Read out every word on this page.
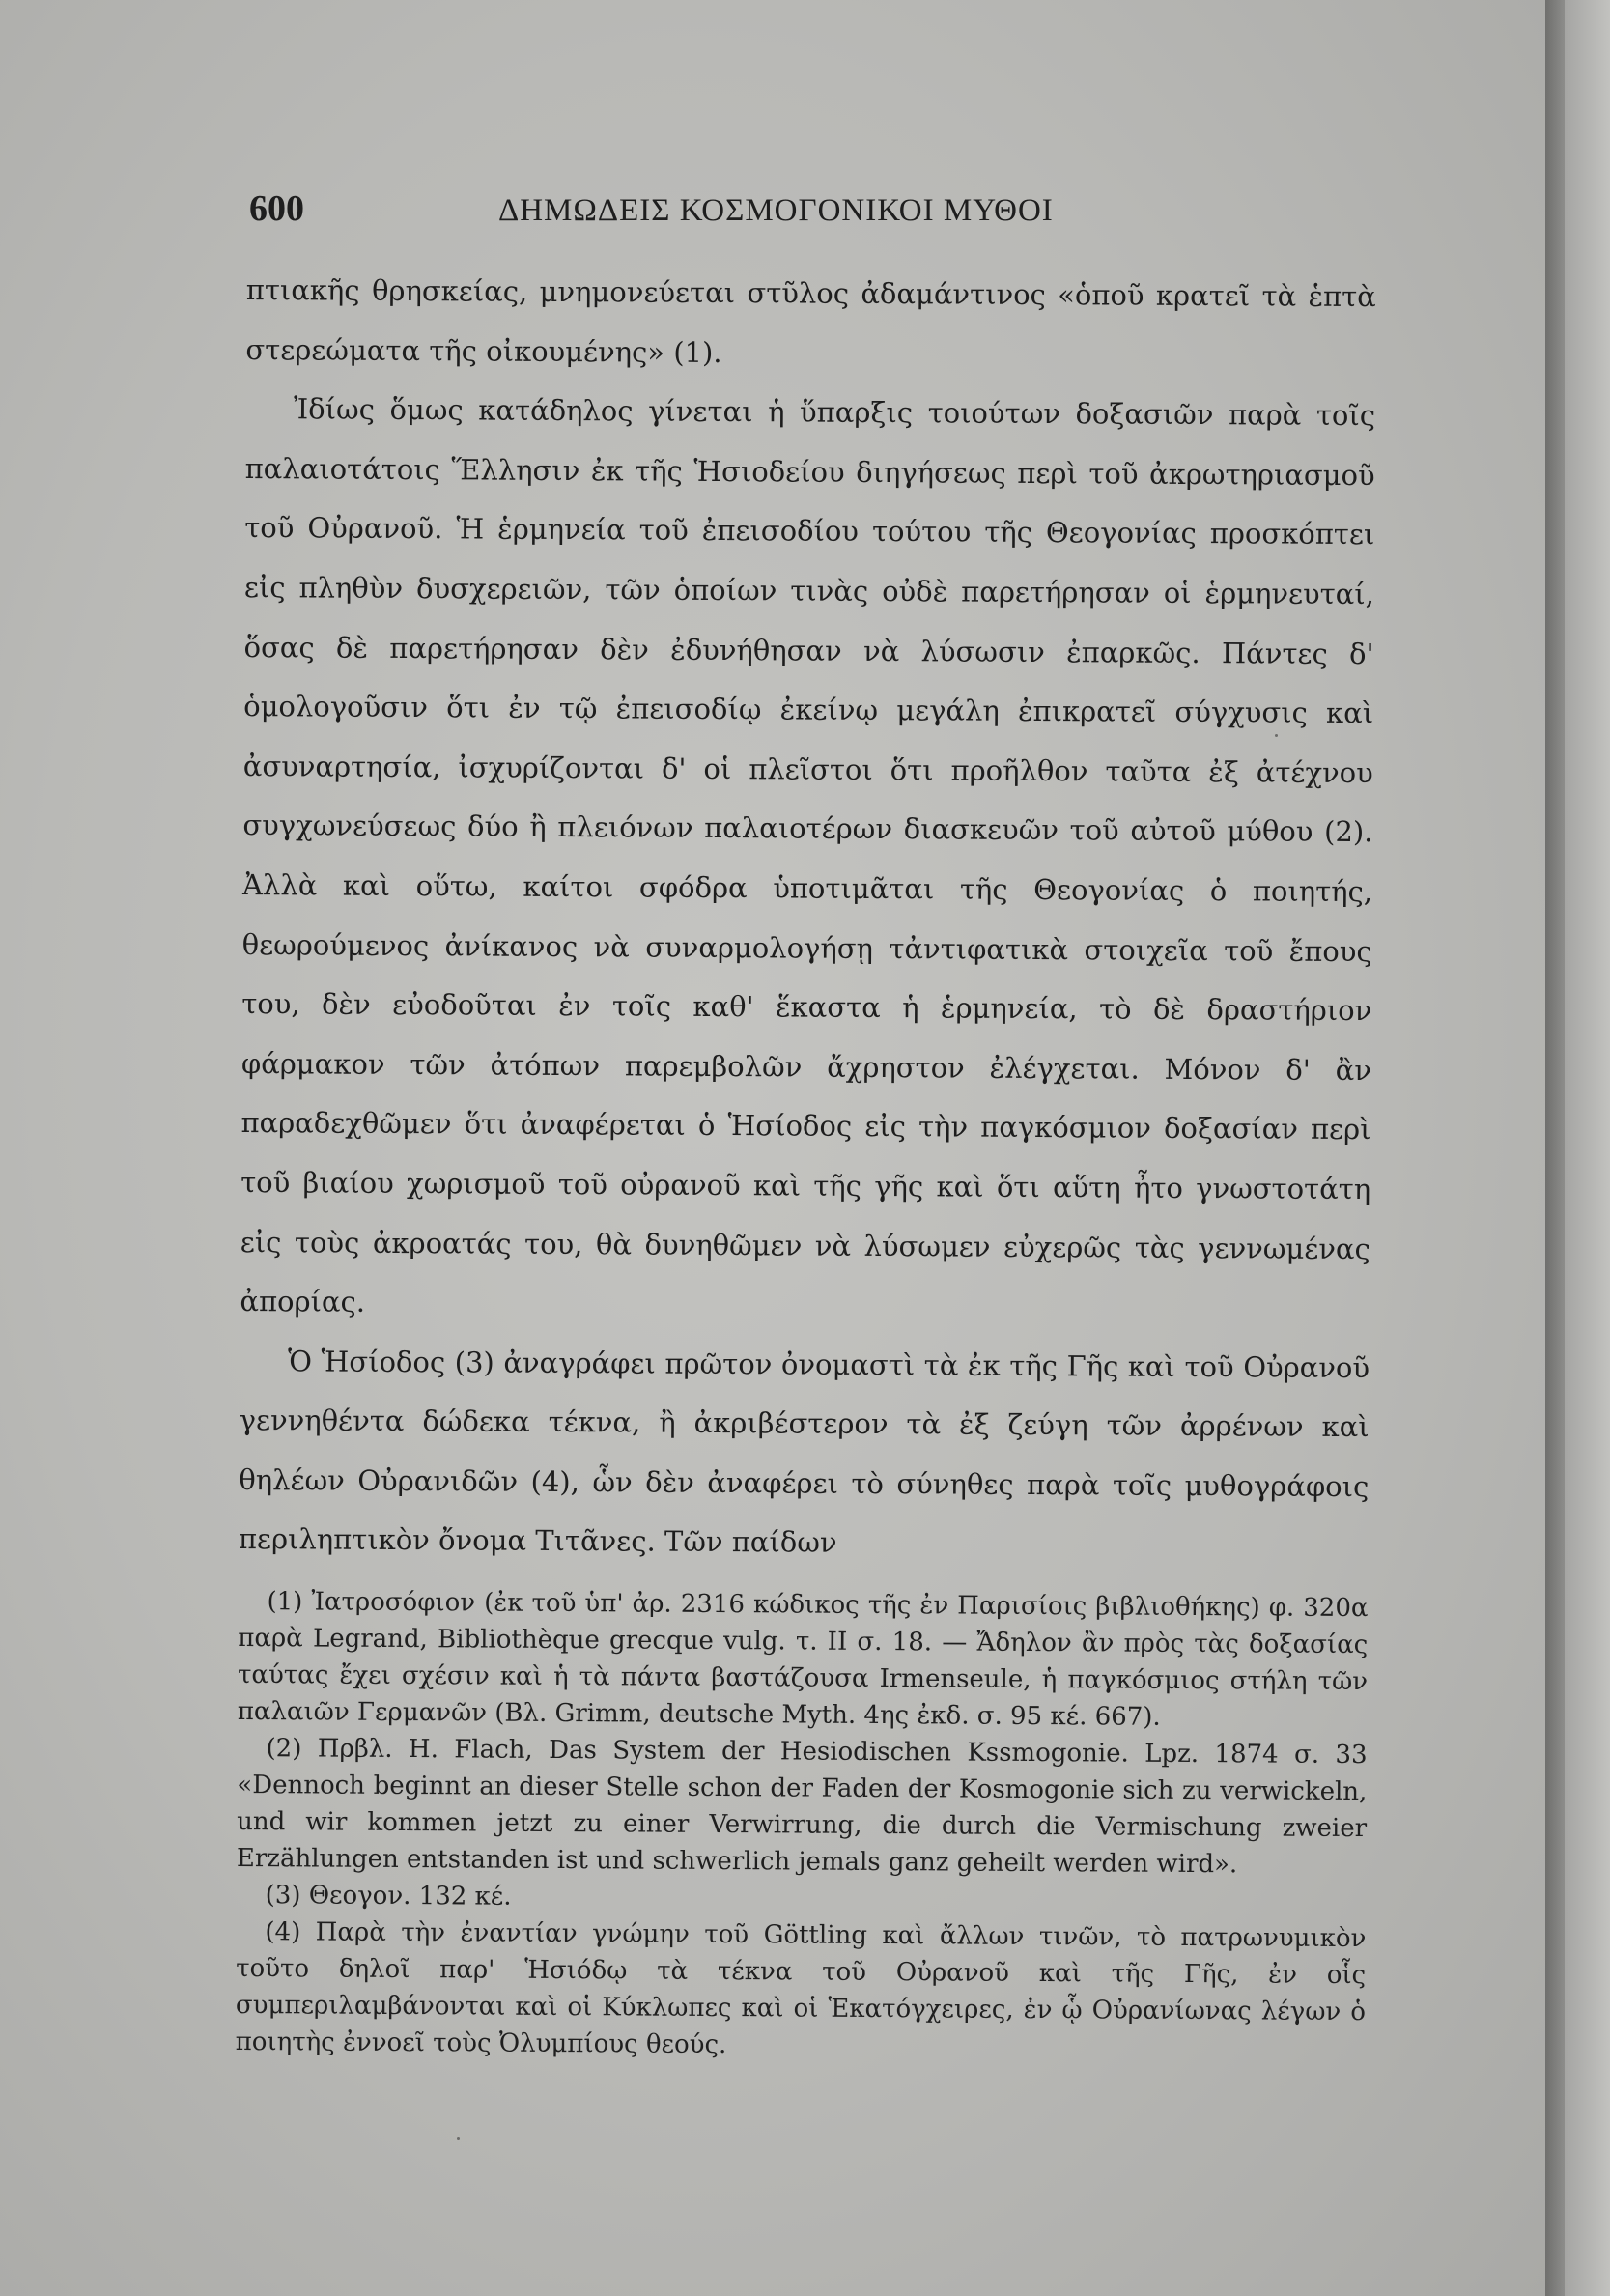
600	ΔΗΜΩΔΕΙΣ ΚΟΣΜΟΓΟΝΙΚΟΙ ΜΥΘΟΙ

πτιακῆς θρησκείας, μνημονεύεται στῦλος ἀδαμάντινος «ὁποῦ κρατεῖ τὰ ἑπτὰ στερεώματα τῆς οἰκουμένης» (1).

Ἰδίως ὅμως κατάδηλος γίνεται ἡ ὕπαρξις τοιούτων δοξασιῶν παρὰ τοῖς παλαιοτάτοις Ἕλλησιν ἐκ τῆς Ἡσιοδείου διηγήσεως περὶ τοῦ ἀκρωτηριασμοῦ τοῦ Οὐρανοῦ. Ἡ ἑρμηνεία τοῦ ἐπεισοδίου τούτου τῆς Θεογονίας προσκόπτει εἰς πληθὺν δυσχερειῶν, τῶν ὁποίων τινὰς οὐδὲ παρετήρησαν οἱ ἑρμηνευταί, ὅσας δὲ παρετήρησαν δὲν ἐδυνήθησαν νὰ λύσωσιν ἐπαρκῶς. Πάντες δ' ὁμολογοῦσιν ὅτι ἐν τῷ ἐπεισοδίῳ ἐκείνῳ μεγάλη ἐπικρατεῖ σύγχυσις καὶ ἀσυναρτησία, ἰσχυρίζονται δ' οἱ πλεῖστοι ὅτι προῆλθον ταῦτα ἐξ ἀτέχνου συγχωνεύσεως δύο ἢ πλειόνων παλαιοτέρων διασκευῶν τοῦ αὐτοῦ μύθου (2). Ἀλλὰ καὶ οὕτω, καίτοι σφόδρα ὑποτιμᾶται τῆς Θεογονίας ὁ ποιητής, θεωρούμενος ἀνίκανος νὰ συναρμολογήσῃ τἀντιφατικὰ στοιχεῖα τοῦ ἔπους του, δὲν εὐοδοῦται ἐν τοῖς καθ' ἕκαστα ἡ ἑρμηνεία, τὸ δὲ δραστήριον φάρμακον τῶν ἀτόπων παρεμβολῶν ἄχρηστον ἐλέγχεται. Μόνον δ' ἂν παραδεχθῶμεν ὅτι ἀναφέρεται ὁ Ἡσίοδος εἰς τὴν παγκόσμιον δοξασίαν περὶ τοῦ βιαίου χωρισμοῦ τοῦ οὐρανοῦ καὶ τῆς γῆς καὶ ὅτι αὕτη ἦτο γνωστοτάτη εἰς τοὺς ἀκροατάς του, θὰ δυνηθῶμεν νὰ λύσωμεν εὐχερῶς τὰς γεννωμένας ἀπορίας.

Ὁ Ἡσίοδος (3) ἀναγράφει πρῶτον ὀνομαστὶ τὰ ἐκ τῆς Γῆς καὶ τοῦ Οὐρανοῦ γεννηθέντα δώδεκα τέκνα, ἢ ἀκριβέστερον τὰ ἐξ ζεύγη τῶν ἀρρένων καὶ θηλέων Οὐρανιδῶν (4), ὧν δὲν ἀναφέρει τὸ σύνηθες παρὰ τοῖς μυθογράφοις περιληπτικὸν ὄνομα Τιτᾶνες. Τῶν παίδων

(1) Ἰατροσόφιον (ἐκ τοῦ ὑπ' ἀρ. 2316 κώδικος τῆς ἐν Παρισίοις βιβλιοθήκης) φ. 320α παρὰ Legrand, Bibliothèque grecque vulg. τ. II σ. 18. — Ἄδηλον ἂν πρὸς τὰς δοξασίας ταύτας ἔχει σχέσιν καὶ ἡ τὰ πάντα βαστάζουσα Irmenseule, ἡ παγκόσμιος στήλη τῶν παλαιῶν Γερμανῶν (Βλ. Grimm, deutsche Myth. 4ης ἐκδ. σ. 95 κέ. 667).

(2) Πρβλ. H. Flach, Das System der Hesiodischen Kssmogonie. Lpz. 1874 σ. 33 «Dennoch beginnt an dieser Stelle schon der Faden der Kosmogonie sich zu verwickeln, und wir kommen jetzt zu einer Verwirrung, die durch die Vermischung zweier Erzählungen entstanden ist und schwerlich jemals ganz geheilt werden wird».

(3) Θεογον. 132 κέ.

(4) Παρὰ τὴν ἐναντίαν γνώμην τοῦ Göttling καὶ ἄλλων τινῶν, τὸ πατρωνυμικὸν τοῦτο δηλοῖ παρ' Ἡσιόδῳ τὰ τέκνα τοῦ Οὐρανοῦ καὶ τῆς Γῆς, ἐν οἷς συμπεριλαμβάνονται καὶ οἱ Κύκλωπες καὶ οἱ Ἑκατόγχειρες, ἐν ᾧ Οὐρανίωνας λέγων ὁ ποιητὴς ἐννοεῖ τοὺς Ὀλυμπίους θεούς.
